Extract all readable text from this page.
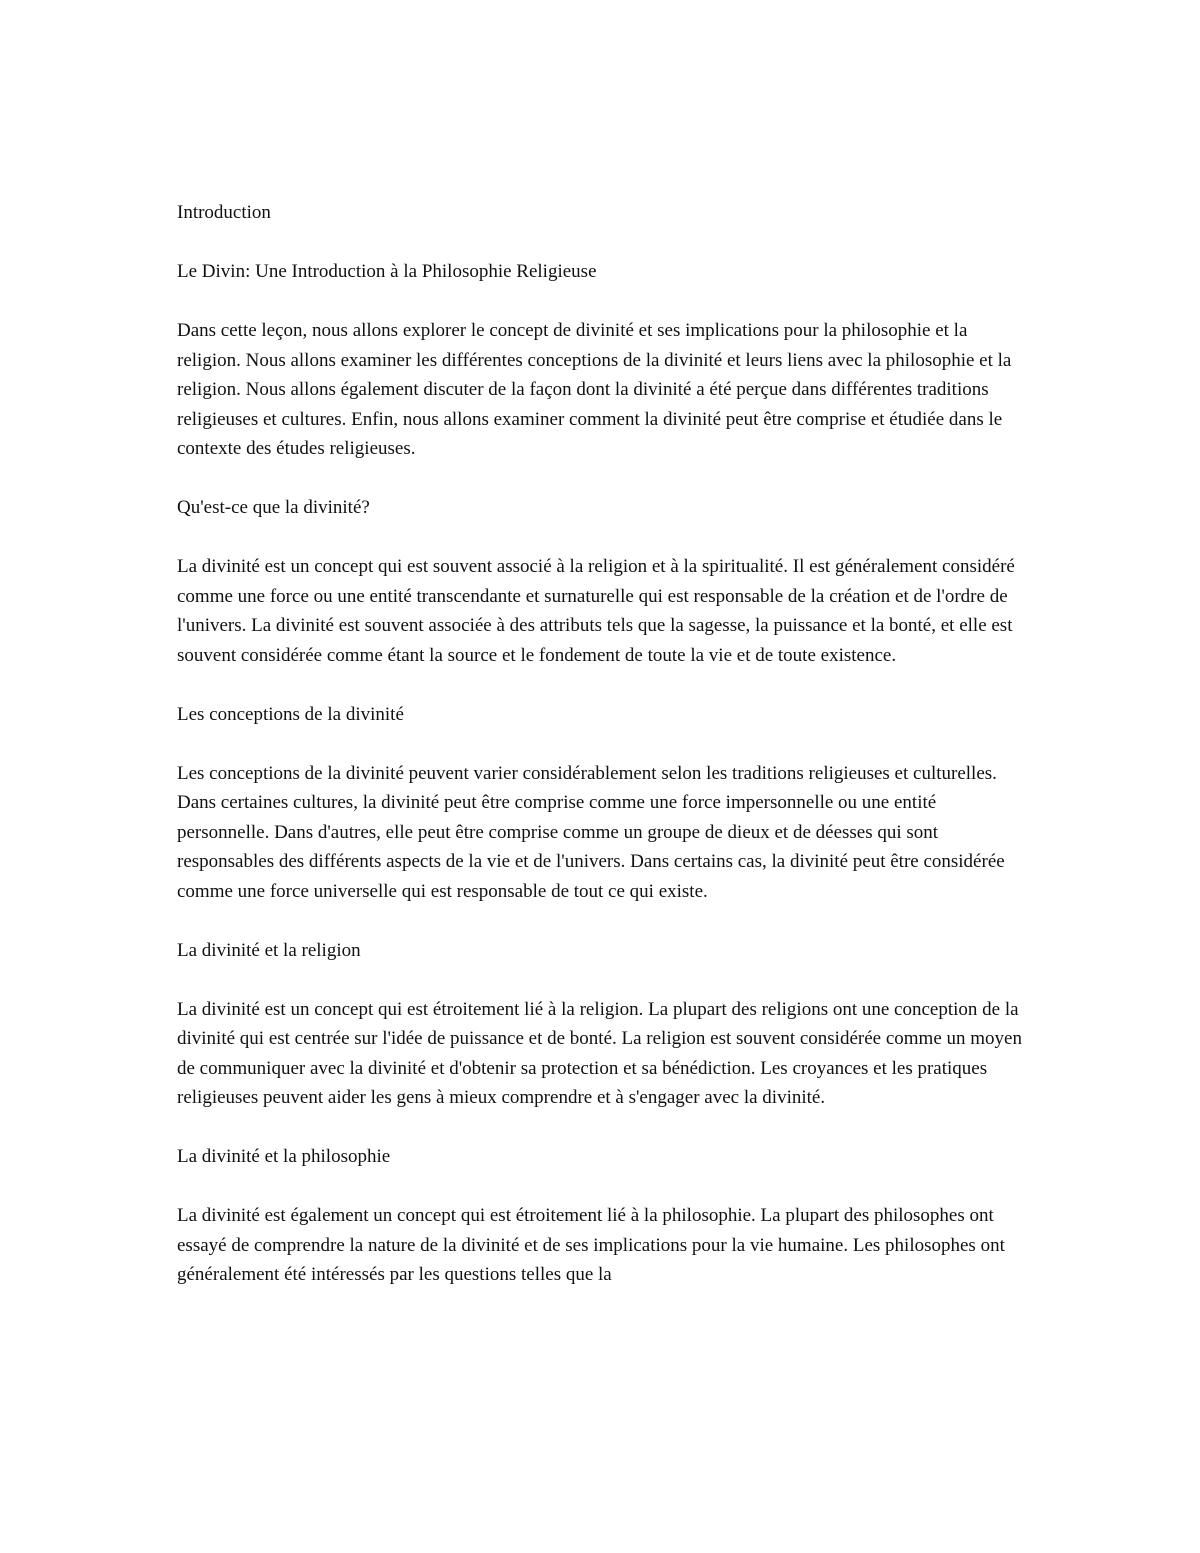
Introduction

Le Divin: Une Introduction à la Philosophie Religieuse

Dans cette leçon, nous allons explorer le concept de divinité et ses implications pour la philosophie et la religion. Nous allons examiner les différentes conceptions de la divinité et leurs liens avec la philosophie et la religion. Nous allons également discuter de la façon dont la divinité a été perçue dans différentes traditions religieuses et cultures. Enfin, nous allons examiner comment la divinité peut être comprise et étudiée dans le contexte des études religieuses.

Qu'est-ce que la divinité?

La divinité est un concept qui est souvent associé à la religion et à la spiritualité. Il est généralement considéré comme une force ou une entité transcendante et surnaturelle qui est responsable de la création et de l'ordre de l'univers. La divinité est souvent associée à des attributs tels que la sagesse, la puissance et la bonté, et elle est souvent considérée comme étant la source et le fondement de toute la vie et de toute existence.

Les conceptions de la divinité

Les conceptions de la divinité peuvent varier considérablement selon les traditions religieuses et culturelles. Dans certaines cultures, la divinité peut être comprise comme une force impersonnelle ou une entité personnelle. Dans d'autres, elle peut être comprise comme un groupe de dieux et de déesses qui sont responsables des différents aspects de la vie et de l'univers. Dans certains cas, la divinité peut être considérée comme une force universelle qui est responsable de tout ce qui existe.

La divinité et la religion

La divinité est un concept qui est étroitement lié à la religion. La plupart des religions ont une conception de la divinité qui est centrée sur l'idée de puissance et de bonté. La religion est souvent considérée comme un moyen de communiquer avec la divinité et d'obtenir sa protection et sa bénédiction. Les croyances et les pratiques religieuses peuvent aider les gens à mieux comprendre et à s'engager avec la divinité.

La divinité et la philosophie

La divinité est également un concept qui est étroitement lié à la philosophie. La plupart des philosophes ont essayé de comprendre la nature de la divinité et de ses implications pour la vie humaine. Les philosophes ont généralement été intéressés par les questions telles que la
